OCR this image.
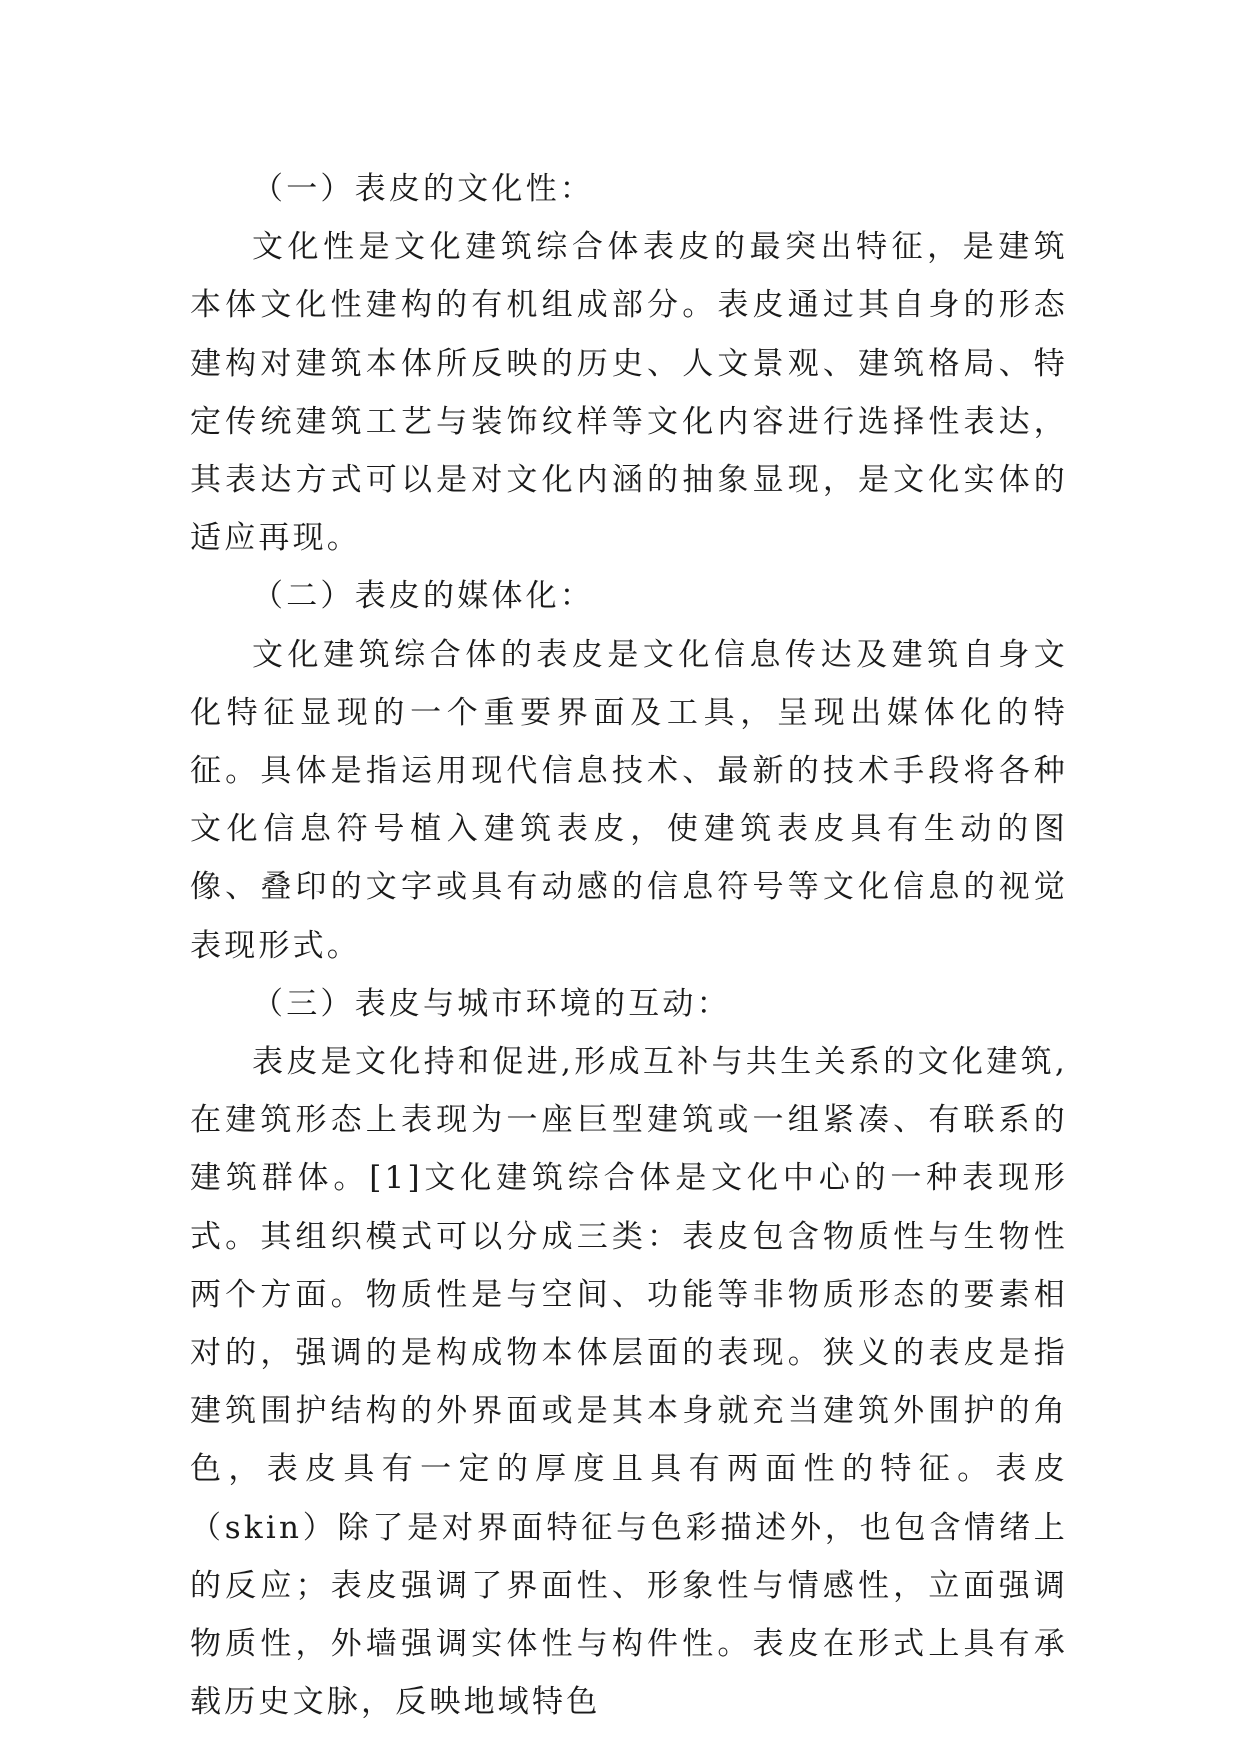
（一）表皮的文化性：

文化性是文化建筑综合体表皮的最突出特征，是建筑本体文化性建构的有机组成部分。表皮通过其自身的形态建构对建筑本体所反映的历史、人文景观、建筑格局、特定传统建筑工艺与装饰纹样等文化内容进行选择性表达，其表达方式可以是对文化内涵的抽象显现，是文化实体的适应再现。

（二）表皮的媒体化：

文化建筑综合体的表皮是文化信息传达及建筑自身文化特征显现的一个重要界面及工具，呈现出媒体化的特征。具体是指运用现代信息技术、最新的技术手段将各种文化信息符号植入建筑表皮，使建筑表皮具有生动的图像、叠印的文字或具有动感的信息符号等文化信息的视觉表现形式。

（三）表皮与城市环境的互动：

表皮是文化持和促进,形成互补与共生关系的文化建筑,在建筑形态上表现为一座巨型建筑或一组紧凑、有联系的建筑群体。[1]文化建筑综合体是文化中心的一种表现形式。其组织模式可以分成三类：表皮包含物质性与生物性两个方面。物质性是与空间、功能等非物质形态的要素相对的，强调的是构成物本体层面的表现。狭义的表皮是指建筑围护结构的外界面或是其本身就充当建筑外围护的角色，表皮具有一定的厚度且具有两面性的特征。表皮（skin）除了是对界面特征与色彩描述外，也包含情绪上的反应；表皮强调了界面性、形象性与情感性，立面强调物质性，外墙强调实体性与构件性。表皮在形式上具有承载历史文脉，反映地域特色
